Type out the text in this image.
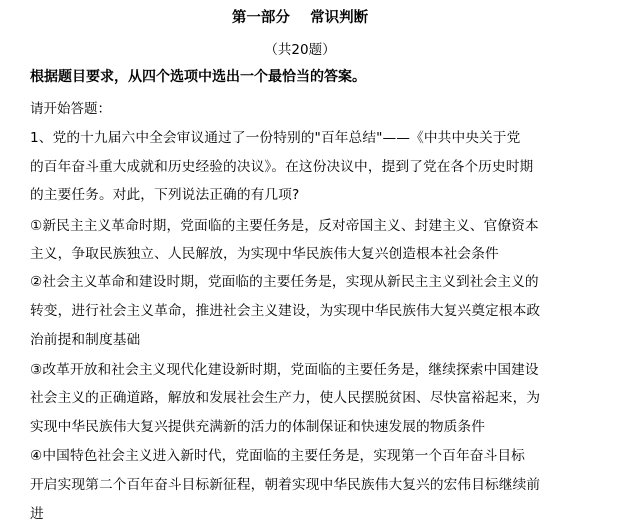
第一部分    常识判断
（共20题）
根据题目要求，从四个选项中选出一个最恰当的答案。
请开始答题：
1、党的十九届六中全会审议通过了一份特别的"百年总结"——《中共中央关于党
的百年奋斗重大成就和历史经验的决议》。在这份决议中，提到了党在各个历史时期
的主要任务。对此，下列说法正确的有几项?
①新民主主义革命时期，党面临的主要任务是，反对帝国主义、封建主义、官僚资本
主义，争取民族独立、人民解放，为实现中华民族伟大复兴创造根本社会条件
②社会主义革命和建设时期，党面临的主要任务是，实现从新民主主义到社会主义的
转变，进行社会主义革命，推进社会主义建设，为实现中华民族伟大复兴奠定根本政
治前提和制度基础
③改革开放和社会主义现代化建设新时期，党面临的主要任务是，继续探索中国建设
社会主义的正确道路，解放和发展社会生产力，使人民摆脱贫困、尽快富裕起来，为
实现中华民族伟大复兴提供充满新的活力的体制保证和快速发展的物质条件
④中国特色社会主义进入新时代，党面临的主要任务是，实现第一个百年奋斗目标
开启实现第二个百年奋斗目标新征程，朝着实现中华民族伟大复兴的宏伟目标继续前
进
